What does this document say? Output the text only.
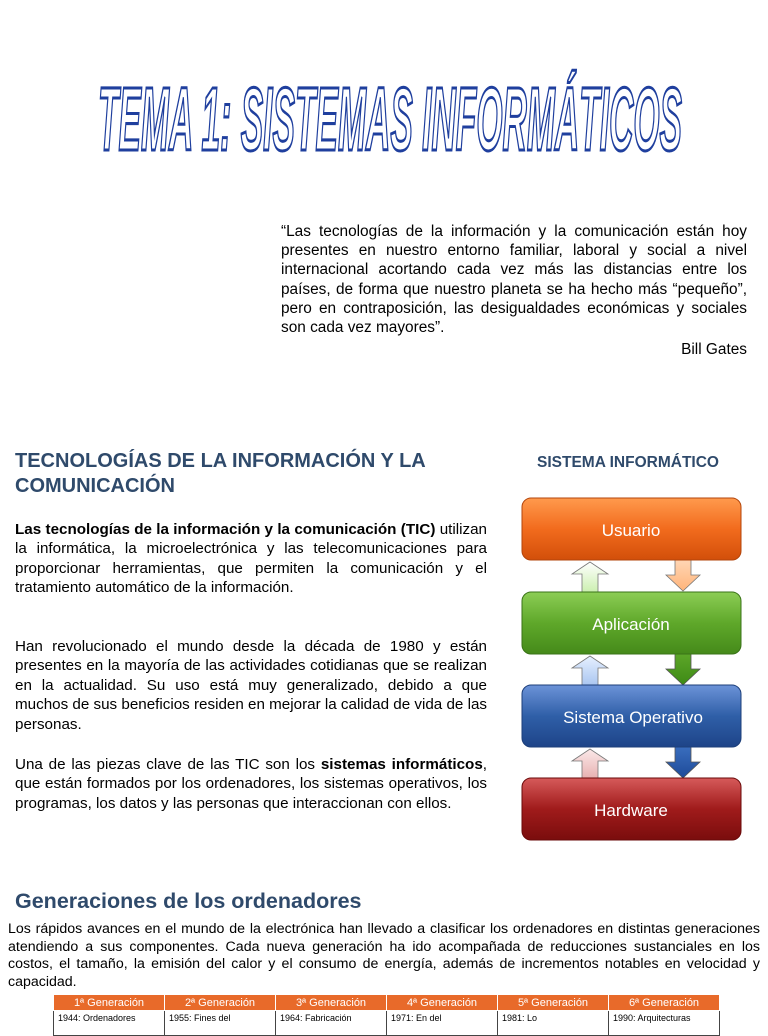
TEMA 1: SISTEMAS INFORMÁTICOS

“Las tecnologías de la información y la comunicación están hoy presentes en nuestro entorno familiar, laboral y social a nivel internacional acortando cada vez más las distancias entre los países, de forma que nuestro planeta se ha hecho más “pequeño”, pero en contraposición, las desigualdades económicas y sociales son cada vez mayores”.

Bill Gates
TECNOLOGÍAS DE LA INFORMACIÓN Y LA COMUNICACIÓN

Las tecnologías de la información y la comunicación (TIC) utilizan la informática, la microelectrónica y las telecomunicaciones para proporcionar herramientas, que permiten la comunicación y el tratamiento automático de la información.

Han revolucionado el mundo desde la década de 1980 y están presentes en la mayoría de las actividades cotidianas que se realizan en la actualidad. Su uso está muy generalizado, debido a que muchos de sus beneficios residen en mejorar la calidad de vida de las personas.

Una de las piezas clave de las TIC son los sistemas informáticos, que están formados por los ordenadores, los sistemas operativos, los programas, los datos y las personas que interaccionan con ellos.

SISTEMA INFORMÁTICO
Usuario
Aplicación
Sistema Operativo
Hardware
Generaciones de los ordenadores

Los rápidos avances en el mundo de la electrónica han llevado a clasificar los ordenadores en distintas generaciones atendiendo a sus componentes. Cada nueva generación ha ido acompañada de reducciones sustanciales en los costos, el tamaño, la emisión del calor y el consumo de energía, además de incrementos notables en velocidad y capacidad.

1ª Generación	2ª Generación	3ª Generación	4ª Generación	5ª Generación	6ª Generación
1944: Ordenadores	1955: Fines del	1964: Fabricación	1971: En del	1981: Lo	1990: Arquitecturas
